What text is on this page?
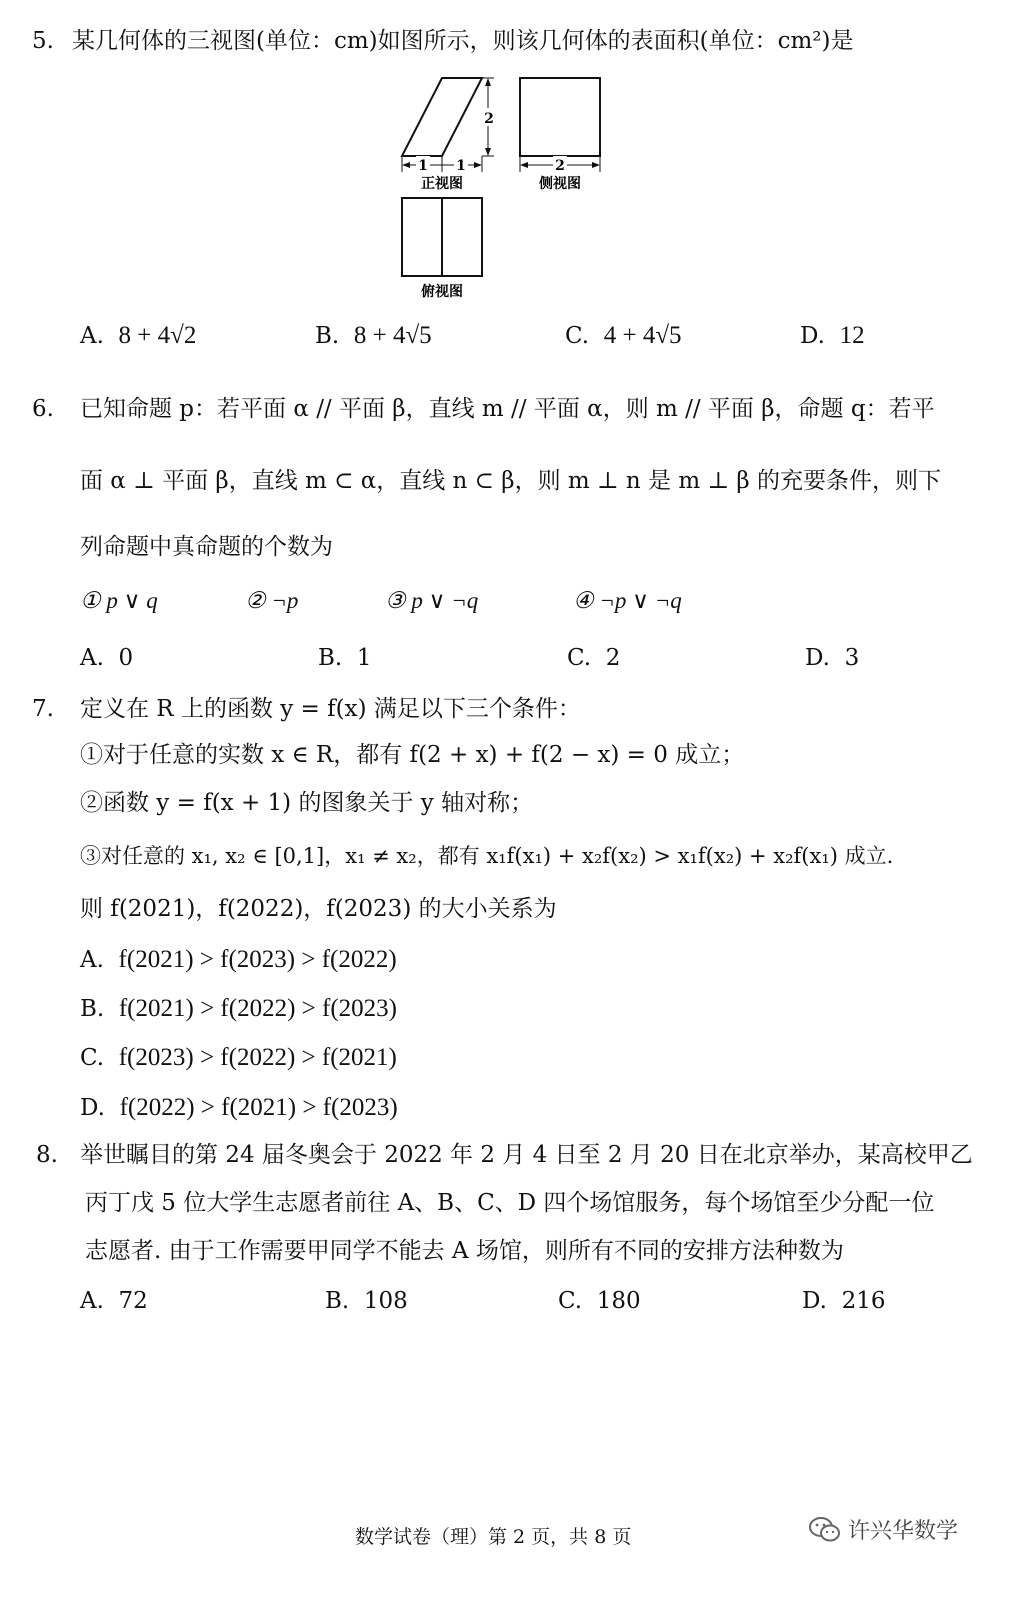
5. 某几何体的三视图(单位：cm)如图所示，则该几何体的表面积(单位：cm²)是
2
1 1
正视图
2
侧视图
俯视图
A. 8 + 4√2	B. 8 + 4√5	C. 4 + 4√5	D. 12
6. 已知命题 p：若平面 α // 平面 β，直线 m // 平面 α，则 m // 平面 β，命题 q：若平
面 α ⊥ 平面 β，直线 m ⊂ α，直线 n ⊂ β，则 m ⊥ n 是 m ⊥ β 的充要条件，则下
列命题中真命题的个数为
① p ∨ q	② ¬p	③ p ∨ ¬q	④ ¬p ∨ ¬q
A. 0	B. 1	C. 2	D. 3
7. 定义在 R 上的函数 y = f(x) 满足以下三个条件：
①对于任意的实数 x ∈ R，都有 f(2 + x) + f(2 − x) = 0 成立；
②函数 y = f(x + 1) 的图象关于 y 轴对称；
③对任意的 x₁, x₂ ∈ [0,1]，x₁ ≠ x₂，都有 x₁f(x₁) + x₂f(x₂) > x₁f(x₂) + x₂f(x₁) 成立.
则 f(2021)，f(2022)，f(2023) 的大小关系为
A. f(2021) > f(2023) > f(2022)
B. f(2021) > f(2022) > f(2023)
C. f(2023) > f(2022) > f(2021)
D. f(2022) > f(2021) > f(2023)
8. 举世瞩目的第 24 届冬奥会于 2022 年 2 月 4 日至 2 月 20 日在北京举办，某高校甲乙
丙丁戊 5 位大学生志愿者前往 A、B、C、D 四个场馆服务，每个场馆至少分配一位
志愿者. 由于工作需要甲同学不能去 A 场馆，则所有不同的安排方法种数为
A. 72	B. 108	C. 180	D. 216
数学试卷（理）第 2 页，共 8 页	许兴华数学
